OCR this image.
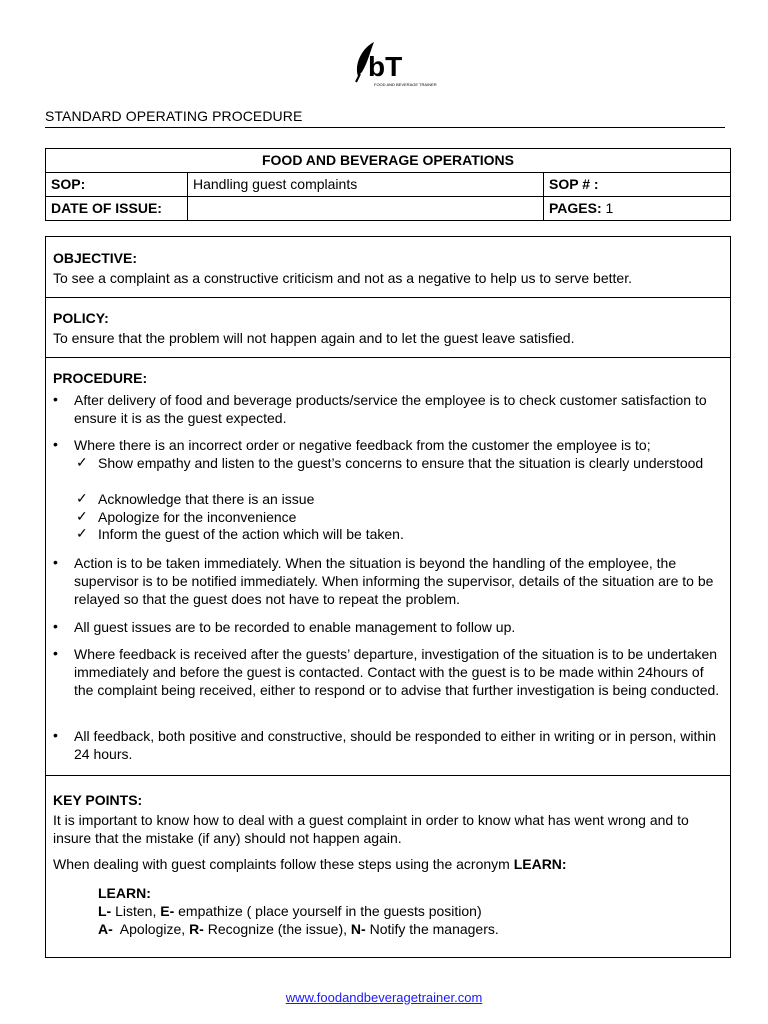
bT
FOOD AND BEVERAGE TRAINER
STANDARD OPERATING PROCEDURE
FOOD AND BEVERAGE OPERATIONS		
SOP:	Handling guest complaints	SOP # :
DATE OF ISSUE:		PAGES: 1
OBJECTIVE:
To see a complaint as a constructive criticism and not as a negative to help us to serve better.
POLICY:
To ensure that the problem will not happen again and to let the guest leave satisfied.
PROCEDURE:
• After delivery of food and beverage products/service the employee is to check customer satisfaction to ensure it is as the guest expected.
• Where there is an incorrect order or negative feedback from the customer the employee is to;
✓ Show empathy and listen to the guest’s concerns to ensure that the situation is clearly understood
✓ Acknowledge that there is an issue
✓ Apologize for the inconvenience
✓ Inform the guest of the action which will be taken.
• Action is to be taken immediately. When the situation is beyond the handling of the employee, the supervisor is to be notified immediately. When informing the supervisor, details of the situation are to be relayed so that the guest does not have to repeat the problem.
• All guest issues are to be recorded to enable management to follow up.
• Where feedback is received after the guests’ departure, investigation of the situation is to be undertaken immediately and before the guest is contacted. Contact with the guest is to be made within 24hours of the complaint being received, either to respond or to advise that further investigation is being conducted.
• All feedback, both positive and constructive, should be responded to either in writing or in person, within 24 hours.
KEY POINTS:
It is important to know how to deal with a guest complaint in order to know what has went wrong and to insure that the mistake (if any) should not happen again.
When dealing with guest complaints follow these steps using the acronym LEARN:
LEARN:
L- Listen, E- empathize ( place yourself in the guests position)
A-  Apologize, R- Recognize (the issue), N- Notify the managers.
www.foodandbeveragetrainer.com
